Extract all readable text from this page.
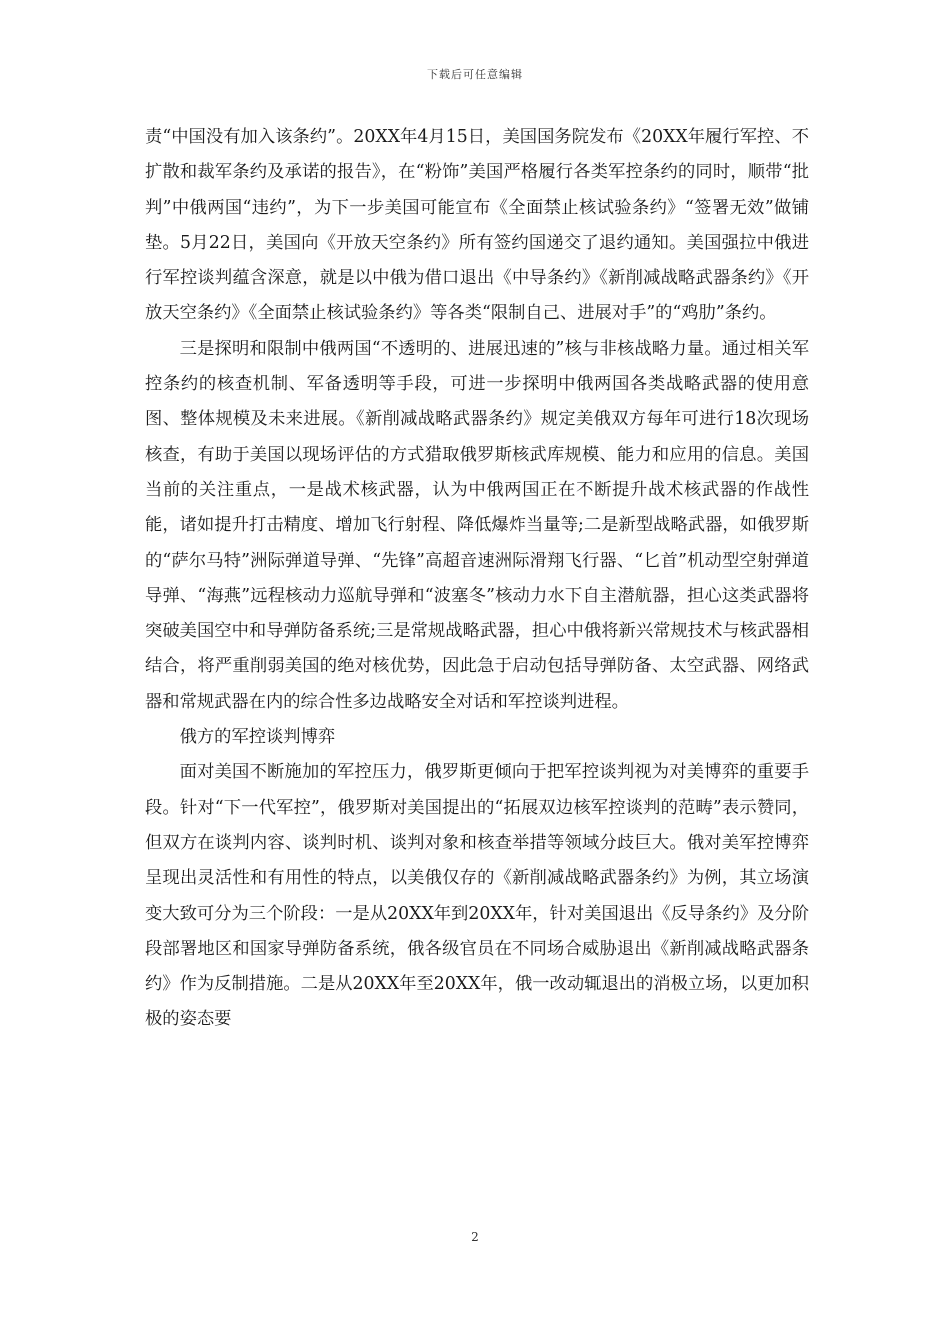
下载后可任意编辑

责“中国没有加入该条约”。20XX年4月15日，美国国务院发布《20XX年履行军控、不扩散和裁军条约及承诺的报告》，在“粉饰”美国严格履行各类军控条约的同时，顺带“批判”中俄两国“违约”，为下一步美国可能宣布《全面禁止核试验条约》“签署无效”做铺垫。5月22日，美国向《开放天空条约》所有签约国递交了退约通知。美国强拉中俄进行军控谈判蕴含深意，就是以中俄为借口退出《中导条约》《新削减战略武器条约》《开放天空条约》《全面禁止核试验条约》等各类“限制自己、进展对手”的“鸡肋”条约。

三是探明和限制中俄两国“不透明的、进展迅速的”核与非核战略力量。通过相关军控条约的核查机制、军备透明等手段，可进一步探明中俄两国各类战略武器的使用意图、整体规模及未来进展。《新削减战略武器条约》规定美俄双方每年可进行18次现场核查，有助于美国以现场评估的方式猎取俄罗斯核武库规模、能力和应用的信息。美国当前的关注重点，一是战术核武器，认为中俄两国正在不断提升战术核武器的作战性能，诸如提升打击精度、增加飞行射程、降低爆炸当量等;二是新型战略武器，如俄罗斯的“萨尔马特”洲际弹道导弹、“先锋”高超音速洲际滑翔飞行器、“匕首”机动型空射弹道导弹、“海燕”远程核动力巡航导弹和“波塞冬”核动力水下自主潜航器，担心这类武器将突破美国空中和导弹防备系统;三是常规战略武器，担心中俄将新兴常规技术与核武器相结合，将严重削弱美国的绝对核优势，因此急于启动包括导弹防备、太空武器、网络武器和常规武器在内的综合性多边战略安全对话和军控谈判进程。

俄方的军控谈判博弈

面对美国不断施加的军控压力，俄罗斯更倾向于把军控谈判视为对美博弈的重要手段。针对“下一代军控”，俄罗斯对美国提出的“拓展双边核军控谈判的范畴”表示赞同，但双方在谈判内容、谈判时机、谈判对象和核查举措等领域分歧巨大。俄对美军控博弈呈现出灵活性和有用性的特点，以美俄仅存的《新削减战略武器条约》为例，其立场演变大致可分为三个阶段：一是从20XX年到20XX年，针对美国退出《反导条约》及分阶段部署地区和国家导弹防备系统，俄各级官员在不同场合威胁退出《新削减战略武器条约》作为反制措施。二是从20XX年至20XX年，俄一改动辄退出的消极立场，以更加积极的姿态要

2
